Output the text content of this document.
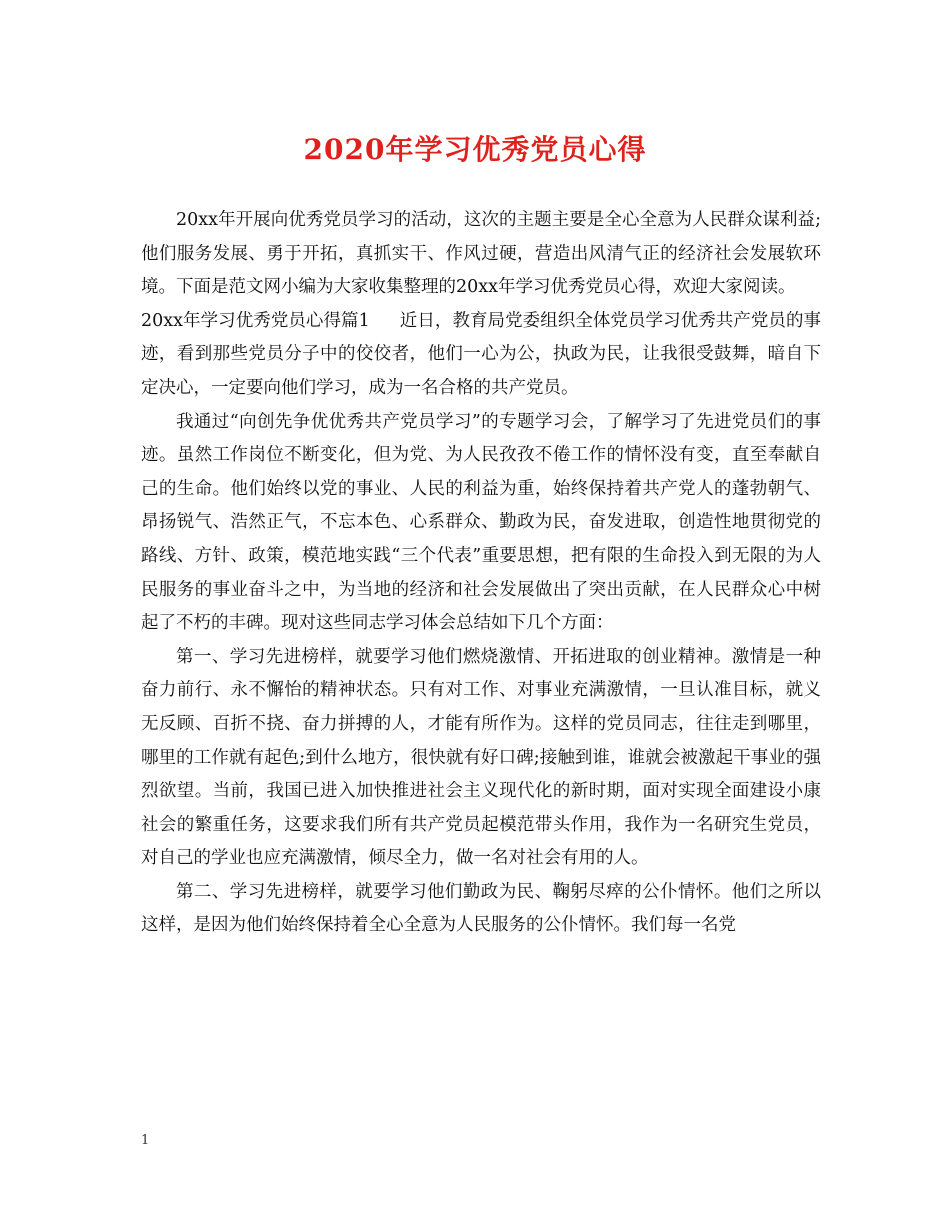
2020年学习优秀党员心得

20xx年开展向优秀党员学习的活动，这次的主题主要是全心全意为人民群众谋利益;他们服务发展、勇于开拓，真抓实干、作风过硬，营造出风清气正的经济社会发展软环境。下面是范文网小编为大家收集整理的20xx年学习优秀党员心得，欢迎大家阅读。

20xx年学习优秀党员心得篇1 近日，教育局党委组织全体党员学习优秀共产党员的事迹，看到那些党员分子中的佼佼者，他们一心为公，执政为民，让我很受鼓舞，暗自下定决心，一定要向他们学习，成为一名合格的共产党员。

我通过“向创先争优优秀共产党员学习”的专题学习会，了解学习了先进党员们的事迹。虽然工作岗位不断变化，但为党、为人民孜孜不倦工作的情怀没有变，直至奉献自己的生命。他们始终以党的事业、人民的利益为重，始终保持着共产党人的蓬勃朝气、昂扬锐气、浩然正气，不忘本色、心系群众、勤政为民，奋发进取，创造性地贯彻党的路线、方针、政策，模范地实践“三个代表”重要思想，把有限的生命投入到无限的为人民服务的事业奋斗之中，为当地的经济和社会发展做出了突出贡献，在人民群众心中树起了不朽的丰碑。现对这些同志学习体会总结如下几个方面：

第一、学习先进榜样，就要学习他们燃烧激情、开拓进取的创业精神。激情是一种奋力前行、永不懈怡的精神状态。只有对工作、对事业充满激情，一旦认准目标，就义无反顾、百折不挠、奋力拼搏的人，才能有所作为。这样的党员同志，往往走到哪里，哪里的工作就有起色;到什么地方，很快就有好口碑;接触到谁，谁就会被激起干事业的强烈欲望。当前，我国已进入加快推进社会主义现代化的新时期，面对实现全面建设小康社会的繁重任务，这要求我们所有共产党员起模范带头作用，我作为一名研究生党员，对自己的学业也应充满激情，倾尽全力，做一名对社会有用的人。

第二、学习先进榜样，就要学习他们勤政为民、鞠躬尽瘁的公仆情怀。他们之所以这样，是因为他们始终保持着全心全意为人民服务的公仆情怀。我们每一名党

1
